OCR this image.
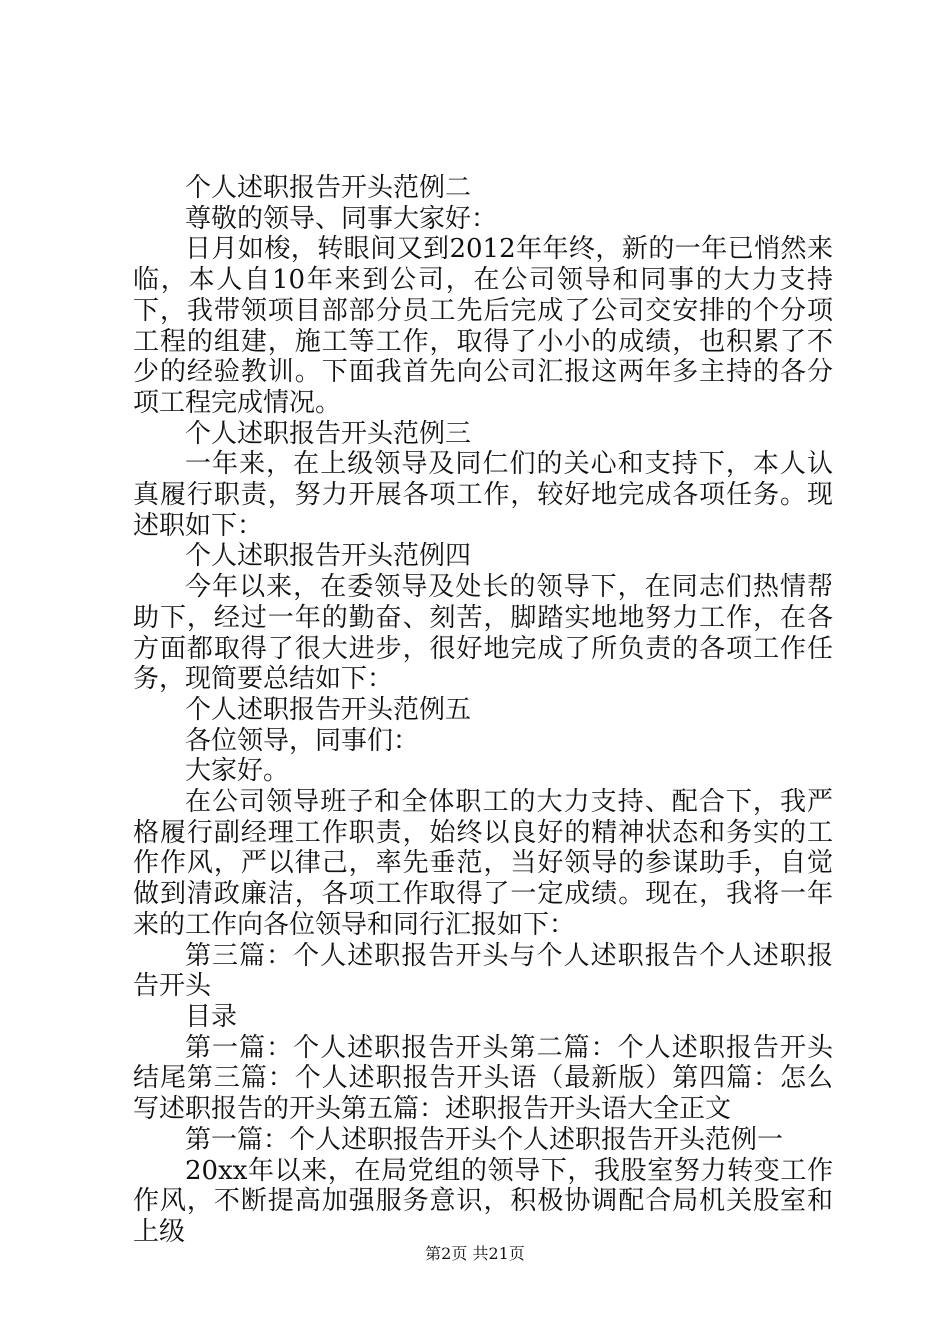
个人述职报告开头范例二

尊敬的领导、同事大家好：

日月如梭，转眼间又到2012年年终，新的一年已悄然来临，本人自10年来到公司，在公司领导和同事的大力支持下，我带领项目部部分员工先后完成了公司交安排的个分项工程的组建，施工等工作，取得了小小的成绩，也积累了不少的经验教训。下面我首先向公司汇报这两年多主持的各分项工程完成情况。

个人述职报告开头范例三

一年来，在上级领导及同仁们的关心和支持下，本人认真履行职责，努力开展各项工作，较好地完成各项任务。现述职如下：

个人述职报告开头范例四

今年以来，在委领导及处长的领导下，在同志们热情帮助下，经过一年的勤奋、刻苦，脚踏实地地努力工作，在各方面都取得了很大进步，很好地完成了所负责的各项工作任务，现简要总结如下：

个人述职报告开头范例五

各位领导，同事们：

大家好。

在公司领导班子和全体职工的大力支持、配合下，我严格履行副经理工作职责，始终以良好的精神状态和务实的工作作风，严以律己，率先垂范，当好领导的参谋助手，自觉做到清政廉洁，各项工作取得了一定成绩。现在，我将一年来的工作向各位领导和同行汇报如下：

第三篇：个人述职报告开头与个人述职报告个人述职报告开头

目录

第一篇：个人述职报告开头第二篇：个人述职报告开头结尾第三篇：个人述职报告开头语（最新版）第四篇：怎么写述职报告的开头第五篇：述职报告开头语大全正文

第一篇：个人述职报告开头个人述职报告开头范例一

20xx年以来，在局党组的领导下，我股室努力转变工作作风，不断提高加强服务意识，积极协调配合局机关股室和上级

第2页 共21页
